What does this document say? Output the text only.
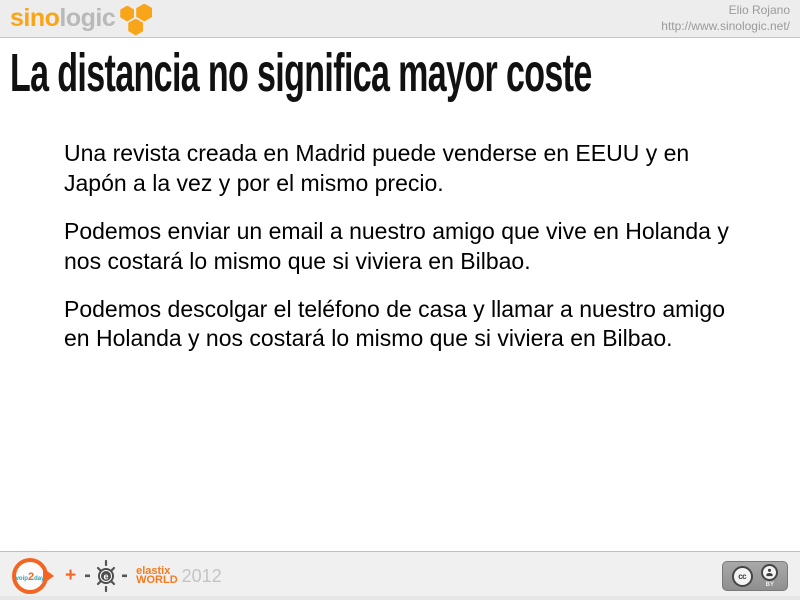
sinologic	Elio Rojano
http://www.sinologic.net/
La distancia no significa mayor coste

Una revista creada en Madrid puede venderse en EEUU y en Japón a la vez y por el mismo precio.

Podemos enviar un email a nuestro amigo que vive en Holanda y nos costará lo mismo que si viviera en Bilbao.

Podemos descolgar el teléfono de casa y llamar a nuestro amigo en Holanda y nos costará lo mismo que si viviera en Bilbao.

voip2day +	e elastix
WORLD 2012	cc
BY
